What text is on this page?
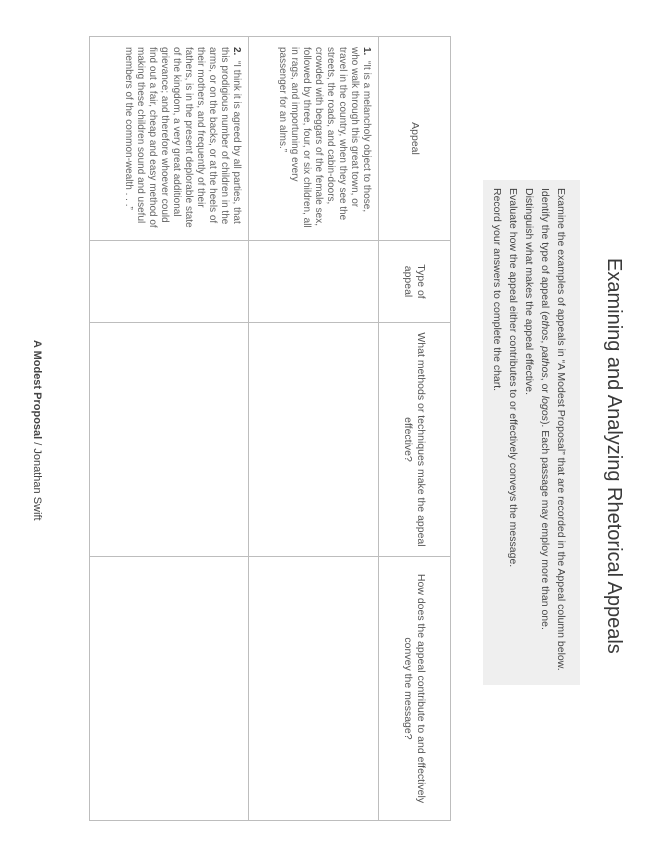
Examining and Analyzing Rhetorical Appeals
Examine the examples of appeals in “A Modest Proposal” that are recorded in the Appeal column below.
Identify the type of appeal (ethos, pathos, or logos). Each passage may employ more than one.
Distinguish what makes the appeal effective.
Evaluate how the appeal either contributes to or effectively conveys the message.
Record your answers to complete the chart.
Appeal	Type of appeal	What methods or techniques make the appeal effective?	How does the appeal contribute to and effectively convey the message?
1.  “It is a melancholy object to those, who walk through this great town, or travel in the country, when they see the streets, the roads, and cabin-doors, crowded with beggars of the female sex, followed by three, four, or six children, all in rags, and importuning every passenger for an alms.”			
2.  “I think it is agreed by all parties, that this prodigious number of children in the arms, or on the backs, or at the heels of their mothers, and frequently of their fathers, is in the present deplorable state of the kingdom, a very great additional grievance; and therefore whoever could find out a fair, cheap and easy method of making these children sound and useful members of the common-wealth . . .”			
A Modest Proposal / Jonathan Swift
